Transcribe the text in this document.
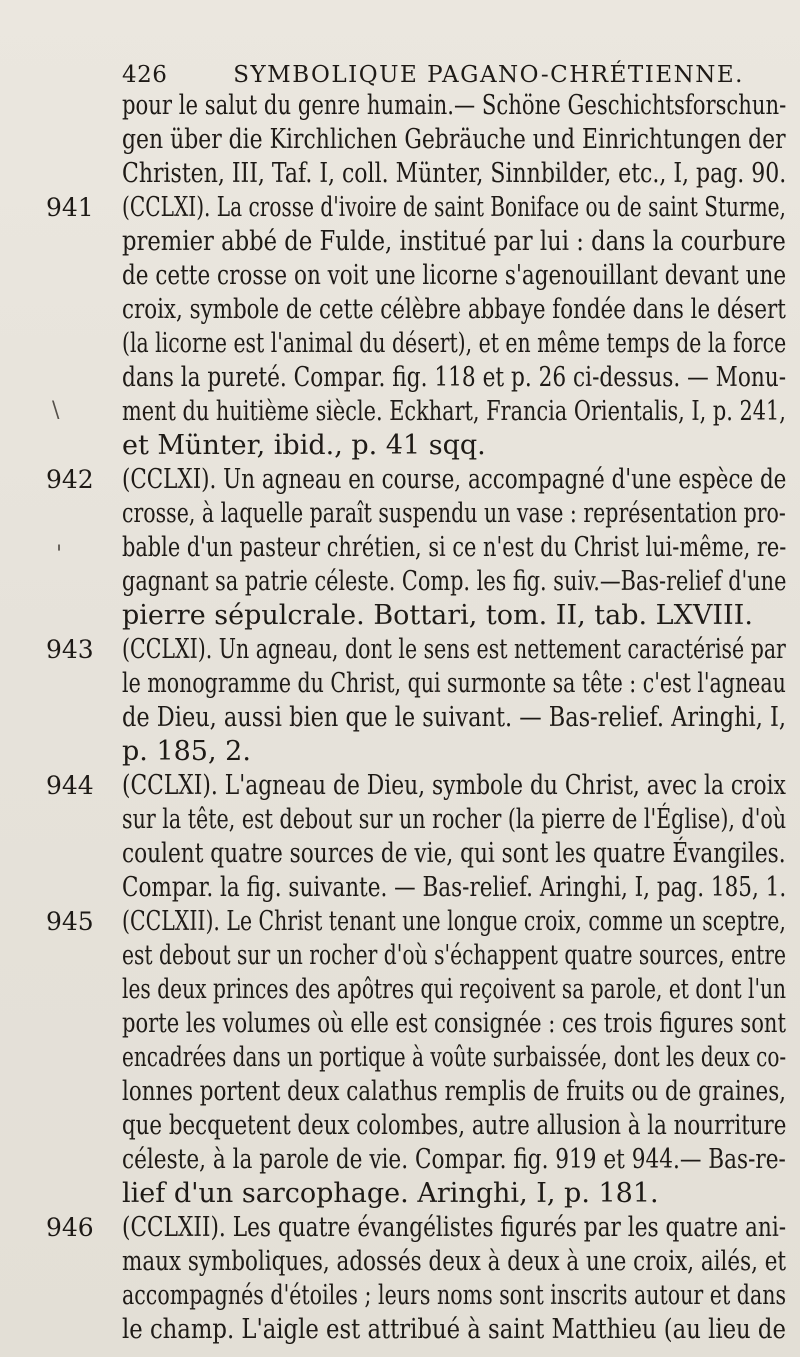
426	SYMBOLIQUE PAGANO-CHRÉTIENNE.
\
'
941
942
943
944
945
946
pour le salut du genre humain.— Schöne Geschichtsforschun-
gen über die Kirchlichen Gebräuche und Einrichtungen der
Christen, III, Taf. I, coll. Münter, Sinnbilder, etc., I, pag. 90.
(CCLXI). La crosse d'ivoire de saint Boniface ou de saint Sturme,
premier abbé de Fulde, institué par lui : dans la courbure
de cette crosse on voit une licorne s'agenouillant devant une
croix, symbole de cette célèbre abbaye fondée dans le désert
(la licorne est l'animal du désert), et en même temps de la force
dans la pureté. Compar. fig. 118 et p. 26 ci-dessus. — Monu-
ment du huitième siècle. Eckhart, Francia Orientalis, I, p. 241,
et Münter, ibid., p. 41 sqq.
(CCLXI). Un agneau en course, accompagné d'une espèce de
crosse, à laquelle paraît suspendu un vase : représentation pro-
bable d'un pasteur chrétien, si ce n'est du Christ lui-même, re-
gagnant sa patrie céleste. Comp. les fig. suiv.—Bas-relief d'une
pierre sépulcrale. Bottari, tom. II, tab. LXVIII.
(CCLXI). Un agneau, dont le sens est nettement caractérisé par
le monogramme du Christ, qui surmonte sa tête : c'est l'agneau
de Dieu, aussi bien que le suivant. — Bas-relief. Aringhi, I,
p. 185, 2.
(CCLXI). L'agneau de Dieu, symbole du Christ, avec la croix
sur la tête, est debout sur un rocher (la pierre de l'Église), d'où
coulent quatre sources de vie, qui sont les quatre Évangiles.
Compar. la fig. suivante. — Bas-relief. Aringhi, I, pag. 185, 1.
(CCLXII). Le Christ tenant une longue croix, comme un sceptre,
est debout sur un rocher d'où s'échappent quatre sources, entre
les deux princes des apôtres qui reçoivent sa parole, et dont l'un
porte les volumes où elle est consignée : ces trois figures sont
encadrées dans un portique à voûte surbaissée, dont les deux co-
lonnes portent deux calathus remplis de fruits ou de graines,
que becquetent deux colombes, autre allusion à la nourriture
céleste, à la parole de vie. Compar. fig. 919 et 944.— Bas-re-
lief d'un sarcophage. Aringhi, I, p. 181.
(CCLXII). Les quatre évangélistes figurés par les quatre ani-
maux symboliques, adossés deux à deux à une croix, ailés, et
accompagnés d'étoiles ; leurs noms sont inscrits autour et dans
le champ. L'aigle est attribué à saint Matthieu (au lieu de
